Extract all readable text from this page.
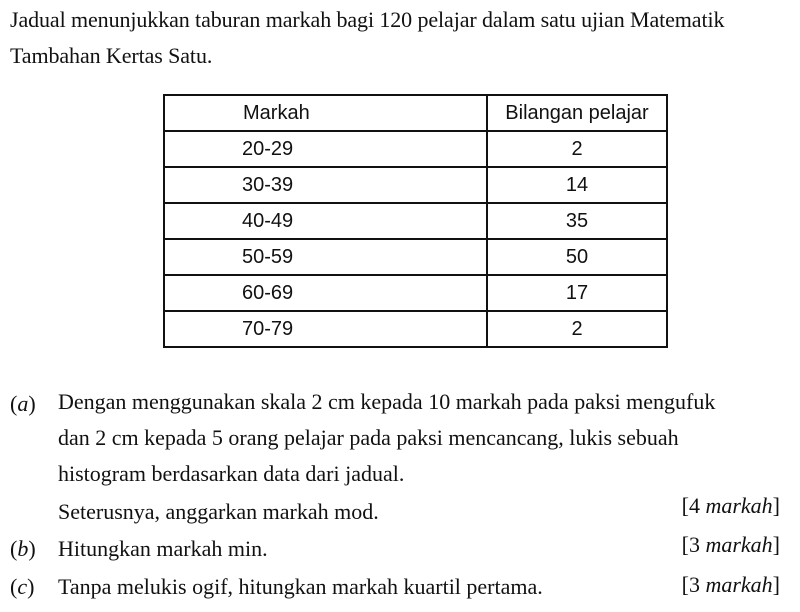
Jadual menunjukkan taburan markah bagi 120 pelajar dalam satu ujian Matematik
Tambahan Kertas Satu.
Markah	Bilangan pelajar
20-29	2
30-39	14
40-49	35
50-59	50
60-69	17
70-79	2
(a) Dengan menggunakan skala 2 cm kepada 10 markah pada paksi mengufuk
dan 2 cm kepada 5 orang pelajar pada paksi mencancang, lukis sebuah
histogram berdasarkan data dari jadual.
Seterusnya, anggarkan markah mod.	[4 markah]
(b) Hitungkan markah min.	[3 markah]
(c) Tanpa melukis ogif, hitungkan markah kuartil pertama.	[3 markah]
